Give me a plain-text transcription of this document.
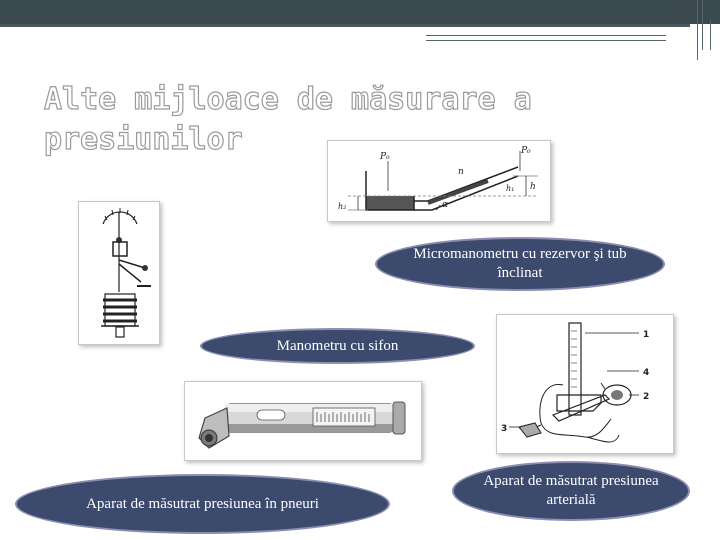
13
Alte mijloace de măsurare a presiunilor	P₀
P₀
n
h₁ h
h₂	α
1
4
2
3
Micromanometru cu rezervor şi tub înclinat
Manometru cu sifon
Aparat de măsutrat presiunea în pneuri
Aparat de măsutrat presiunea arterială
